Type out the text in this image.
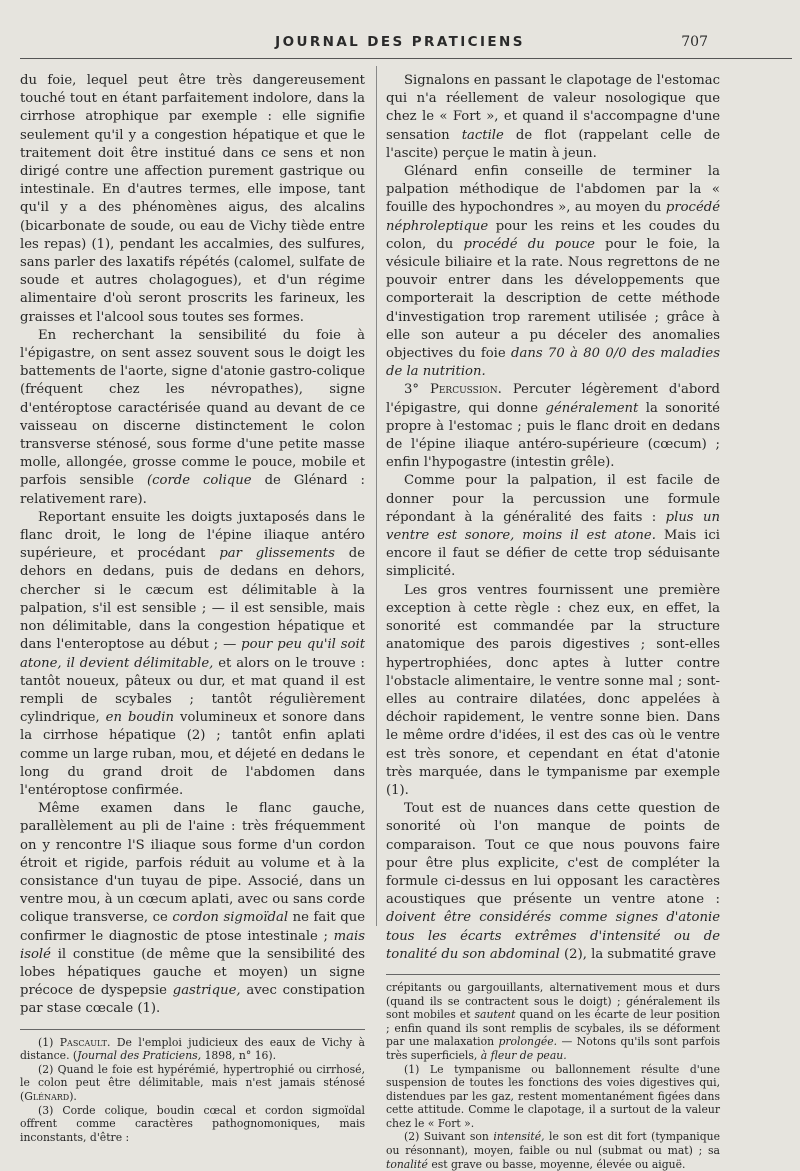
JOURNAL DES PRATICIENS	707

du foie, lequel peut être très dangereusement touché tout en étant parfaitement indolore, dans la cirrhose atrophique par exemple : elle signifie seulement qu'il y a congestion hépatique et que le traitement doit être institué dans ce sens et non dirigé contre une affection purement gastrique ou intestinale. En d'autres termes, elle impose, tant qu'il y a des phénomènes aigus, des alcalins (bicarbonate de soude, ou eau de Vichy tiède entre les repas) (1), pendant les accalmies, des sulfures, sans parler des laxatifs répétés (calomel, sulfate de soude et autres cholagogues), et d'un régime alimentaire d'où seront proscrits les farineux, les graisses et l'alcool sous toutes ses formes.

En recherchant la sensibilité du foie à l'épigastre, on sent assez souvent sous le doigt les battements de l'aorte, signe d'atonie gastro-colique (fréquent chez les névropathes), signe d'entéroptose caractérisée quand au devant de ce vaisseau on discerne distinctement le colon transverse sténosé, sous forme d'une petite masse molle, allongée, grosse comme le pouce, mobile et parfois sensible (corde colique de Glénard : relativement rare).

Reportant ensuite les doigts juxtaposés dans le flanc droit, le long de l'épine iliaque antéro supérieure, et procédant par glissements de dehors en dedans, puis de dedans en dehors, chercher si le cæcum est délimitable à la palpation, s'il est sensible ; — il est sensible, mais non délimitable, dans la congestion hépatique et dans l'enteroptose au début ; — pour peu qu'il soit atone, il devient délimitable, et alors on le trouve : tantôt noueux, pâteux ou dur, et mat quand il est rempli de scybales ; tantôt régulièrement cylindrique, en boudin volumineux et sonore dans la cirrhose hépatique (2) ; tantôt enfin aplati comme un large ruban, mou, et déjeté en dedans le long du grand droit de l'abdomen dans l'entéroptose confirmée.

Même examen dans le flanc gauche, parallèlement au pli de l'aine : très fréquemment on y rencontre l'S iliaque sous forme d'un cordon étroit et rigide, parfois réduit au volume et à la consistance d'un tuyau de pipe. Associé, dans un ventre mou, à un cœcum aplati, avec ou sans corde colique transverse, ce cordon sigmoïdal ne fait que confirmer le diagnostic de ptose intestinale ; mais isolé il constitue (de même que la sensibilité des lobes hépatiques gauche et moyen) un signe précoce de dyspepsie gastrique, avec constipation par stase cœcale (1).

(1) Pascault. De l'emploi judicieux des eaux de Vichy à distance. (Journal des Praticiens, 1898, n° 16).

(2) Quand le foie est hypérémié, hypertrophié ou cirrhosé, le colon peut être délimitable, mais n'est jamais sténosé (Glénard).

(3) Corde colique, boudin cœcal et cordon sigmoïdal offrent comme caractères pathognomoniques, mais inconstants, d'être :

Signalons en passant le clapotage de l'estomac qui n'a réellement de valeur nosologique que chez le « Fort », et quand il s'accompagne d'une sensation tactile de flot (rappelant celle de l'ascite) perçue le matin à jeun.

Glénard enfin conseille de terminer la palpation méthodique de l'abdomen par la « fouille des hypochondres », au moyen du procédé néphroleptique pour les reins et les coudes du colon, du procédé du pouce pour le foie, la vésicule biliaire et la rate. Nous regrettons de ne pouvoir entrer dans les développements que comporterait la description de cette méthode d'investigation trop rarement utilisée ; grâce à elle son auteur a pu déceler des anomalies objectives du foie dans 70 à 80 0/0 des maladies de la nutrition.

3° Percussion. Percuter légèrement d'abord l'épigastre, qui donne généralement la sonorité propre à l'estomac ; puis le flanc droit en dedans de l'épine iliaque antéro-supérieure (cœcum) ; enfin l'hypogastre (intestin grêle).

Comme pour la palpation, il est facile de donner pour la percussion une formule répondant à la généralité des faits : plus un ventre est sonore, moins il est atone. Mais ici encore il faut se défier de cette trop séduisante simplicité.

Les gros ventres fournissent une première exception à cette règle : chez eux, en effet, la sonorité est commandée par la structure anatomique des parois digestives ; sont-elles hypertrophiées, donc aptes à lutter contre l'obstacle alimentaire, le ventre sonne mal ; sont-elles au contraire dilatées, donc appelées à déchoir rapidement, le ventre sonne bien. Dans le même ordre d'idées, il est des cas où le ventre est très sonore, et cependant en état d'atonie très marquée, dans le tympanisme par exemple (1).

Tout est de nuances dans cette question de sonorité où l'on manque de points de comparaison. Tout ce que nous pouvons faire pour être plus explicite, c'est de compléter la formule ci-dessus en lui opposant les caractères acoustiques que présente un ventre atone : doivent être considérés comme signes d'atonie tous les écarts extrêmes d'intensité ou de tonalité du son abdominal (2), la submatité grave

crépitants ou gargouillants, alternativement mous et durs (quand ils se contractent sous le doigt) ; généralement ils sont mobiles et sautent quand on les écarte de leur position ; enfin quand ils sont remplis de scybales, ils se déforment par une malaxation prolongée. — Notons qu'ils sont parfois très superficiels, à fleur de peau.

(1) Le tympanisme ou ballonnement résulte d'une suspension de toutes les fonctions des voies digestives qui, distendues par les gaz, restent momentanément figées dans cette attitude. Comme le clapotage, il a surtout de la valeur chez le « Fort ».

(2) Suivant son intensité, le son est dit fort (tympanique ou résonnant), moyen, faible ou nul (submat ou mat) ; sa tonalité est grave ou basse, moyenne, élevée ou aiguë.
